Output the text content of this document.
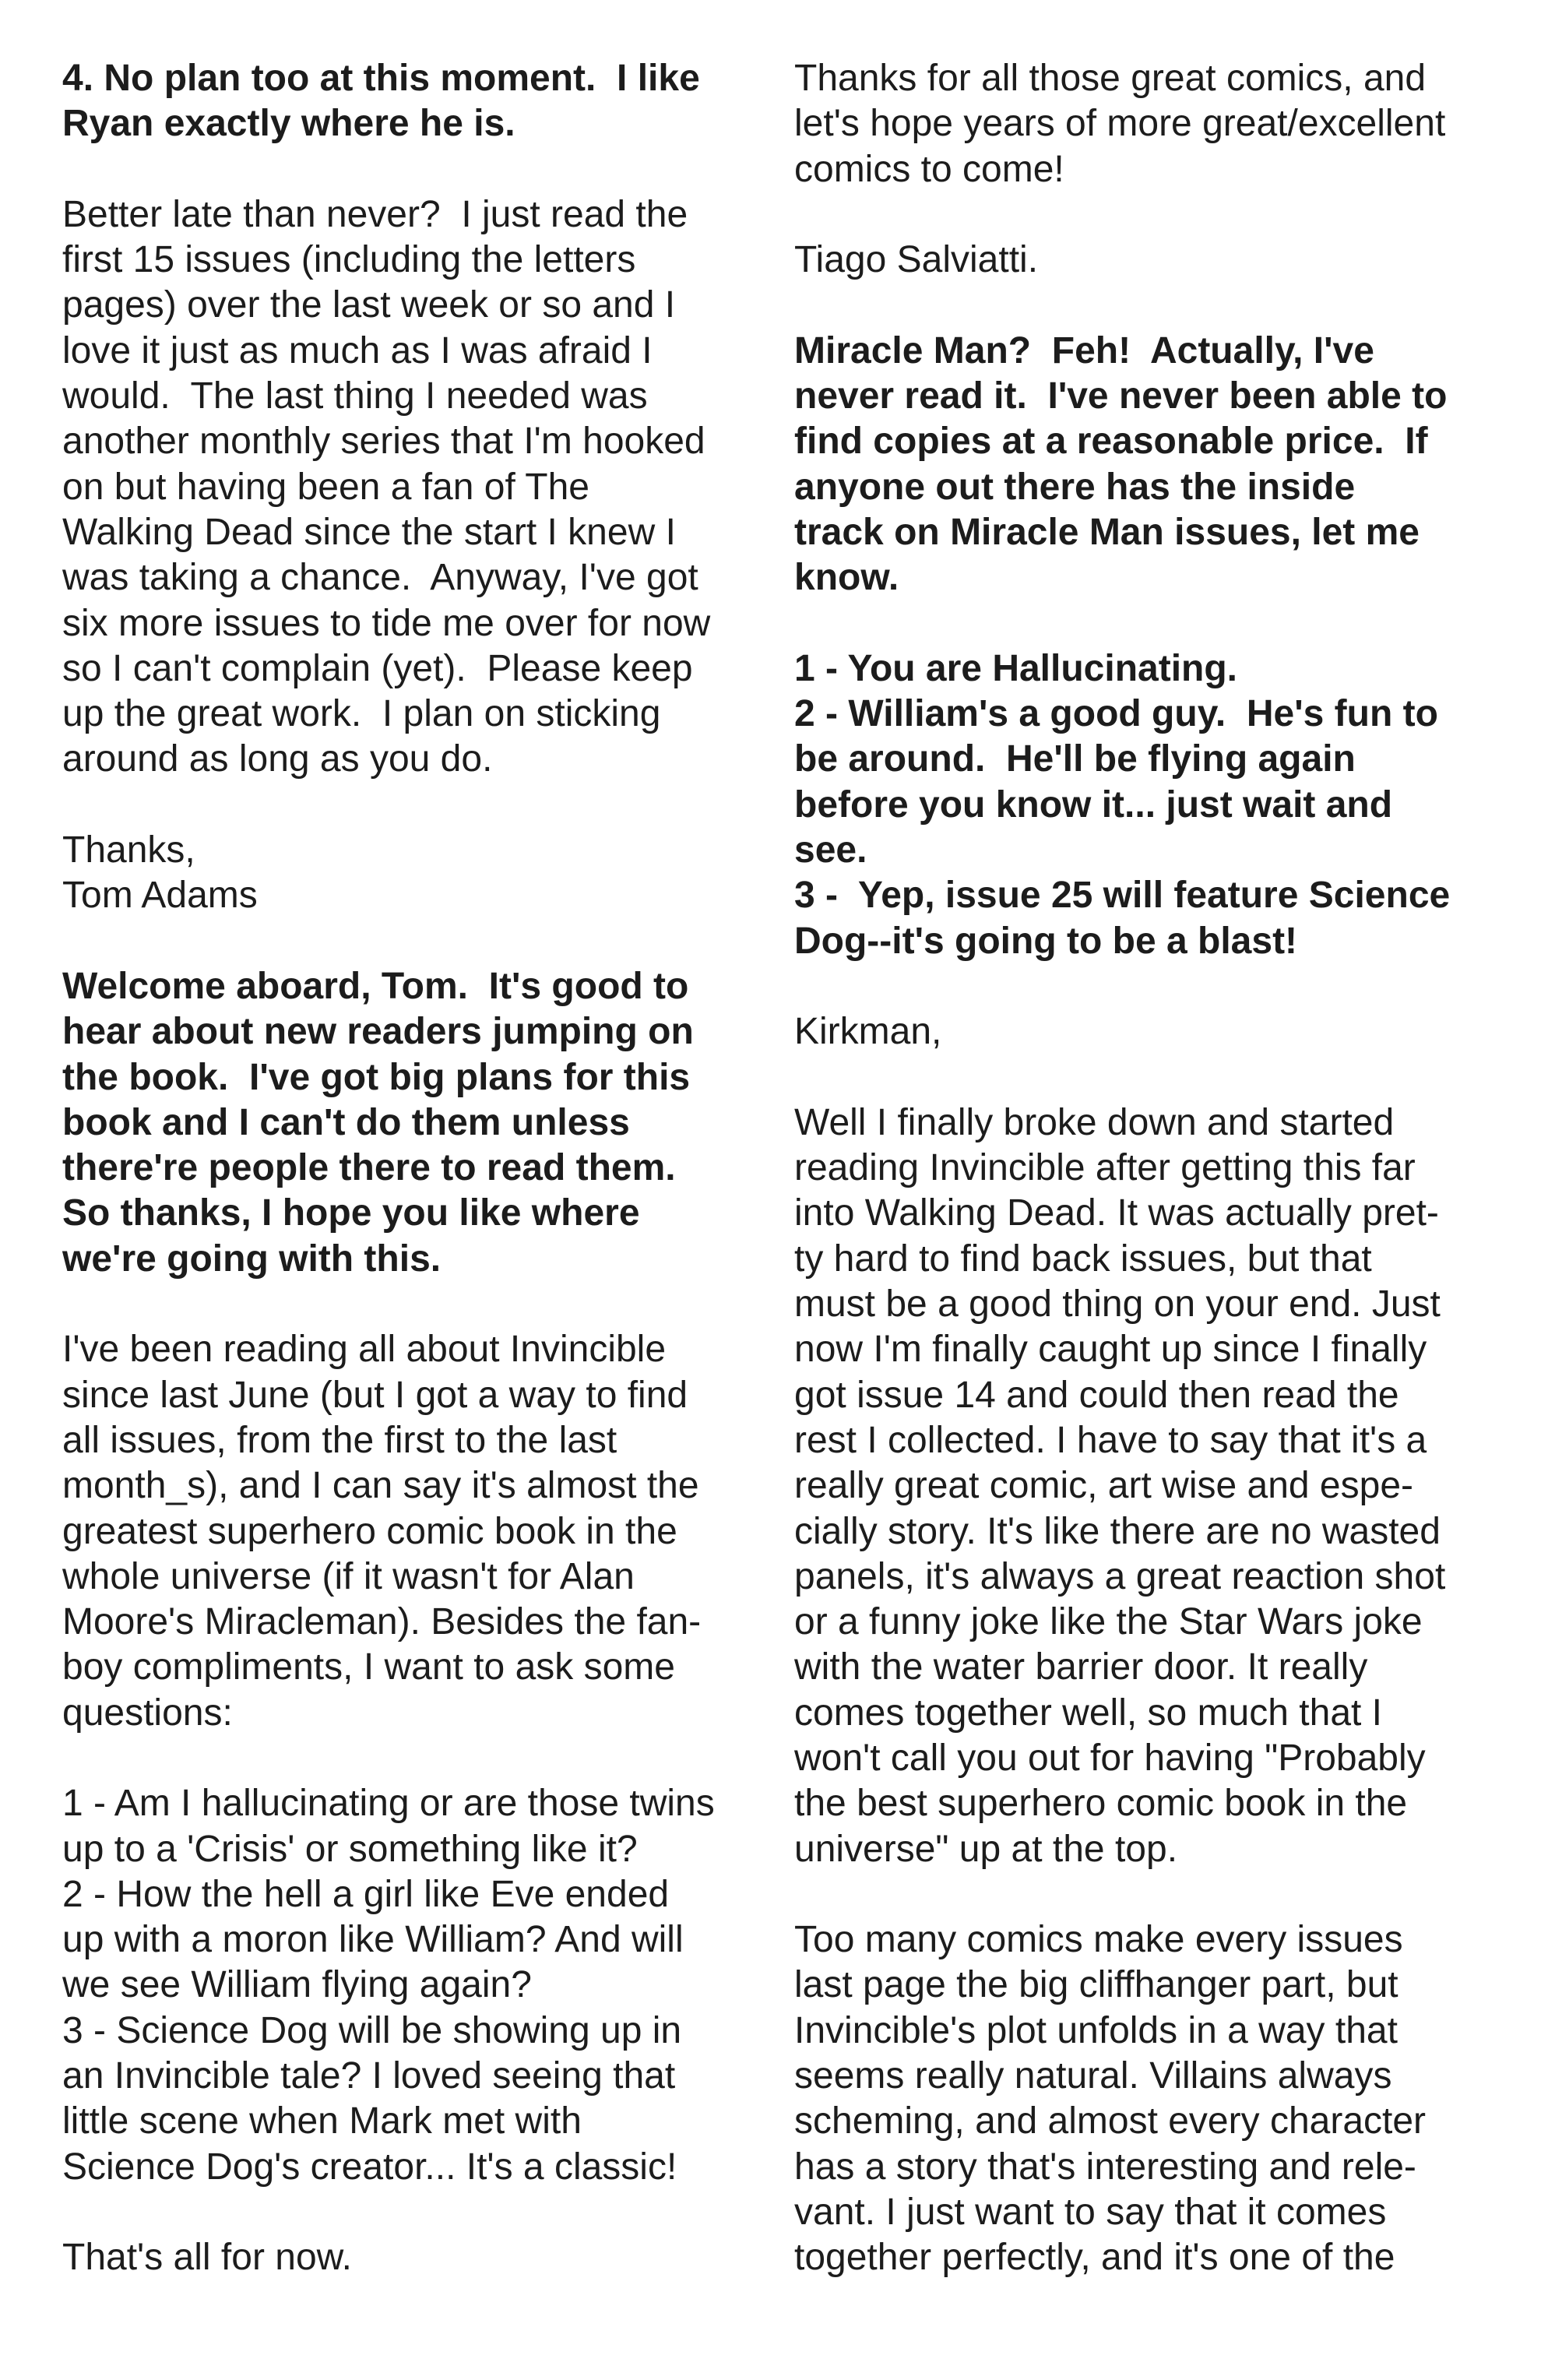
4. No plan too at this moment.  I like
Ryan exactly where he is.
Better late than never?  I just read the
first 15 issues (including the letters
pages) over the last week or so and I
love it just as much as I was afraid I
would.  The last thing I needed was
another monthly series that I'm hooked
on but having been a fan of The
Walking Dead since the start I knew I
was taking a chance.  Anyway, I've got
six more issues to tide me over for now
so I can't complain (yet).  Please keep
up the great work.  I plan on sticking
around as long as you do.
Thanks,
Tom Adams
Welcome aboard, Tom.  It's good to
hear about new readers jumping on
the book.  I've got big plans for this
book and I can't do them unless
there're people there to read them.
So thanks, I hope you like where
we're going with this.
I've been reading all about Invincible
since last June (but I got a way to find
all issues, from the first to the last
month_s), and I can say it's almost the
greatest superhero comic book in the
whole universe (if it wasn't for Alan
Moore's Miracleman). Besides the fan-
boy compliments, I want to ask some
questions:
1 - Am I hallucinating or are those twins
up to a 'Crisis' or something like it?
2 - How the hell a girl like Eve ended
up with a moron like William? And will
we see William flying again?
3 - Science Dog will be showing up in
an Invincible tale? I loved seeing that
little scene when Mark met with
Science Dog's creator... It's a classic!
That's all for now.
Thanks for all those great comics, and
let's hope years of more great/excellent
comics to come!
Tiago Salviatti.
Miracle Man?  Feh!  Actually, I've
never read it.  I've never been able to
find copies at a reasonable price.  If
anyone out there has the inside
track on Miracle Man issues, let me
know.
1 - You are Hallucinating.
2 - William's a good guy.  He's fun to
be around.  He'll be flying again
before you know it... just wait and
see.
3 -  Yep, issue 25 will feature Science
Dog--it's going to be a blast!
Kirkman,
Well I finally broke down and started
reading Invincible after getting this far
into Walking Dead. It was actually pret-
ty hard to find back issues, but that
must be a good thing on your end. Just
now I'm finally caught up since I finally
got issue 14 and could then read the
rest I collected. I have to say that it's a
really great comic, art wise and espe-
cially story. It's like there are no wasted
panels, it's always a great reaction shot
or a funny joke like the Star Wars joke
with the water barrier door. It really
comes together well, so much that I
won't call you out for having "Probably
the best superhero comic book in the
universe" up at the top.
Too many comics make every issues
last page the big cliffhanger part, but
Invincible's plot unfolds in a way that
seems really natural. Villains always
scheming, and almost every character
has a story that's interesting and rele-
vant. I just want to say that it comes
together perfectly, and it's one of the
